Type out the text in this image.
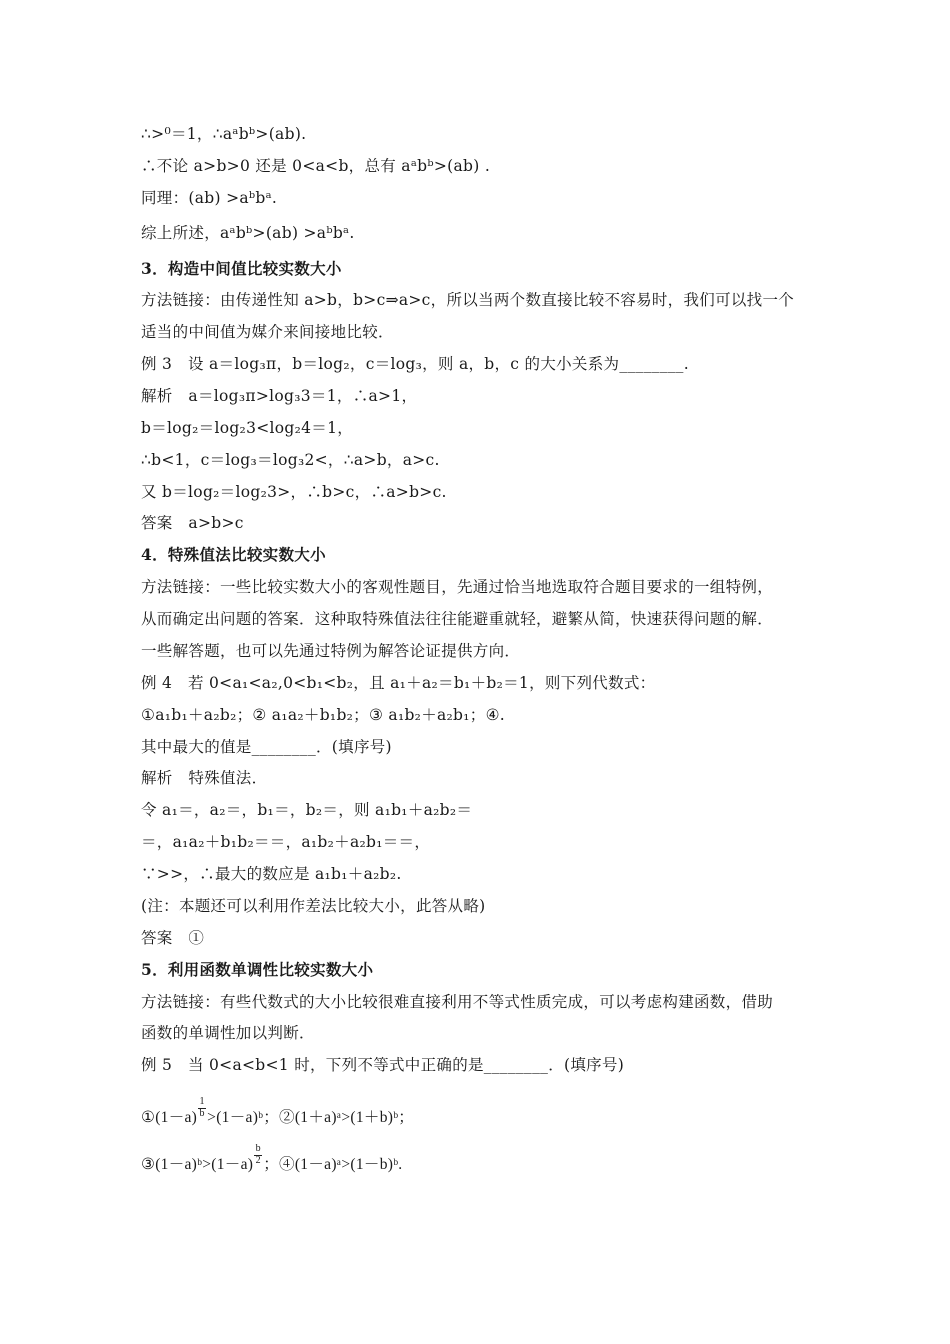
∴>⁰＝1，∴aᵃbᵇ>(ab).
∴不论 a>b>0 还是 0<a<b，总有 aᵃbᵇ>(ab) .
同理：(ab) >aᵇbᵃ.
综上所述，aᵃbᵇ>(ab) >aᵇbᵃ.
3．构造中间值比较实数大小
方法链接：由传递性知 a>b，b>c⇒a>c，所以当两个数直接比较不容易时，我们可以找一个
适当的中间值为媒介来间接地比较．
例 3　设 a＝log₃π，b＝log₂，c＝log₃，则 a，b，c 的大小关系为________.
解析　a＝log₃π>log₃3＝1，∴a>1，
b＝log₂＝log₂3<log₂4＝1，
∴b<1，c＝log₃＝log₃2<，∴a>b，a>c.
又 b＝log₂＝log₂3>，∴b>c，∴a>b>c.
答案　a>b>c
4．特殊值法比较实数大小
方法链接：一些比较实数大小的客观性题目，先通过恰当地选取符合题目要求的一组特例，
从而确定出问题的答案．这种取特殊值法往往能避重就轻，避繁从简，快速获得问题的解．
一些解答题，也可以先通过特例为解答论证提供方向．
例 4　若 0<a₁<a₂,0<b₁<b₂，且 a₁＋a₂＝b₁＋b₂＝1，则下列代数式：
①a₁b₁＋a₂b₂；② a₁a₂＋b₁b₂；③ a₁b₂＋a₂b₁；④.
其中最大的值是________．(填序号)
解析　特殊值法．
令 a₁＝，a₂＝，b₁＝，b₂＝，则 a₁b₁＋a₂b₂＝
＝，a₁a₂＋b₁b₂＝＝，a₁b₂＋a₂b₁＝＝，
∵>>，∴最大的数应是 a₁b₁＋a₂b₂.
(注：本题还可以利用作差法比较大小，此答从略)
答案　①
5．利用函数单调性比较实数大小
方法链接：有些代数式的大小比较很难直接利用不等式性质完成，可以考虑构建函数，借助
函数的单调性加以判断．
例 5　当 0<a<b<1 时，下列不等式中正确的是________．(填序号)
①(1－a)
$\frac{1}{b}$
>(1－a)ᵇ；②(1＋a)ᵃ>(1＋b)ᵇ；
③(1－a)ᵇ>(1－a)
$\frac{b}{2}$
；④(1－a)ᵃ>(1－b)ᵇ.
